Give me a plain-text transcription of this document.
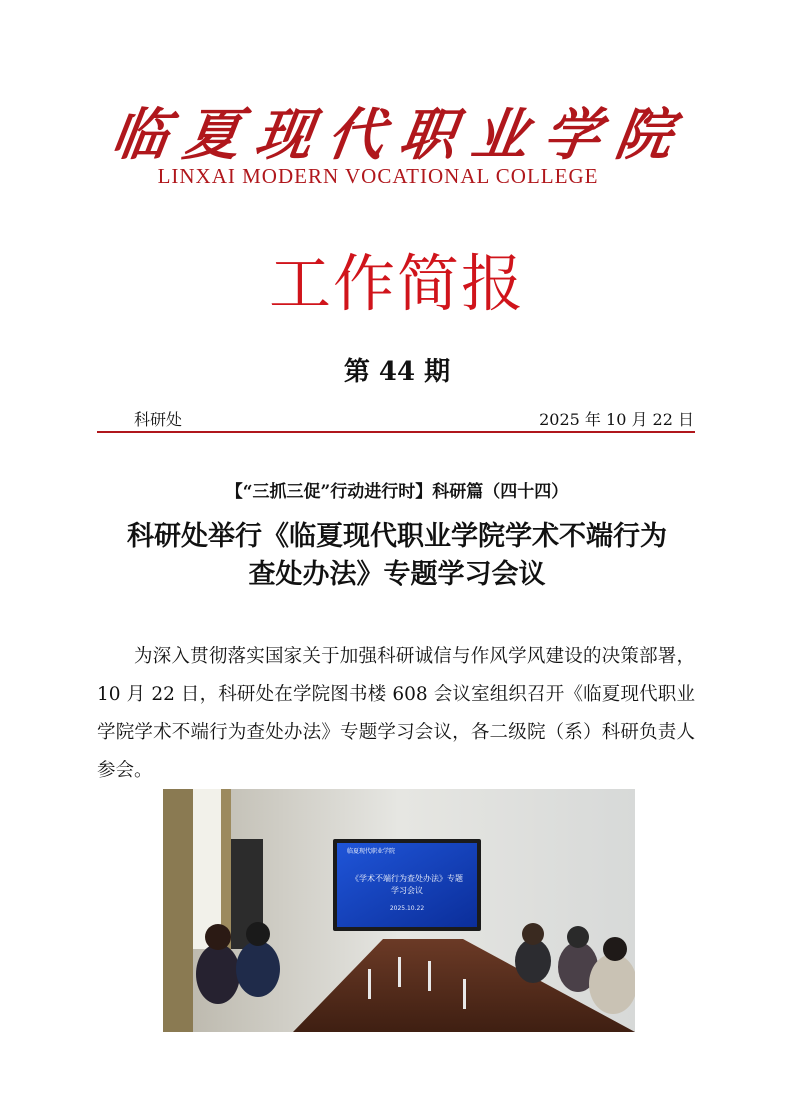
临 夏 现 代 职 业 学 院
LINXAI MODERN VOCATIONAL COLLEGE
工作简报
第 44 期
科研处	2025 年 10 月 22 日
【“三抓三促”行动进行时】科研篇（四十四）
科研处举行《临夏现代职业学院学术不端行为
查处办法》专题学习会议

为深入贯彻落实国家关于加强科研诚信与作风学风建设的决策部署，10 月 22 日，科研处在学院图书楼 608 会议室组织召开《临夏现代职业学院学术不端行为查处办法》专题学习会议，各二级院（系）科研负责人参会。

临夏现代职业学院
《学术不端行为查处办法》专题
学习会议
2025.10.22
